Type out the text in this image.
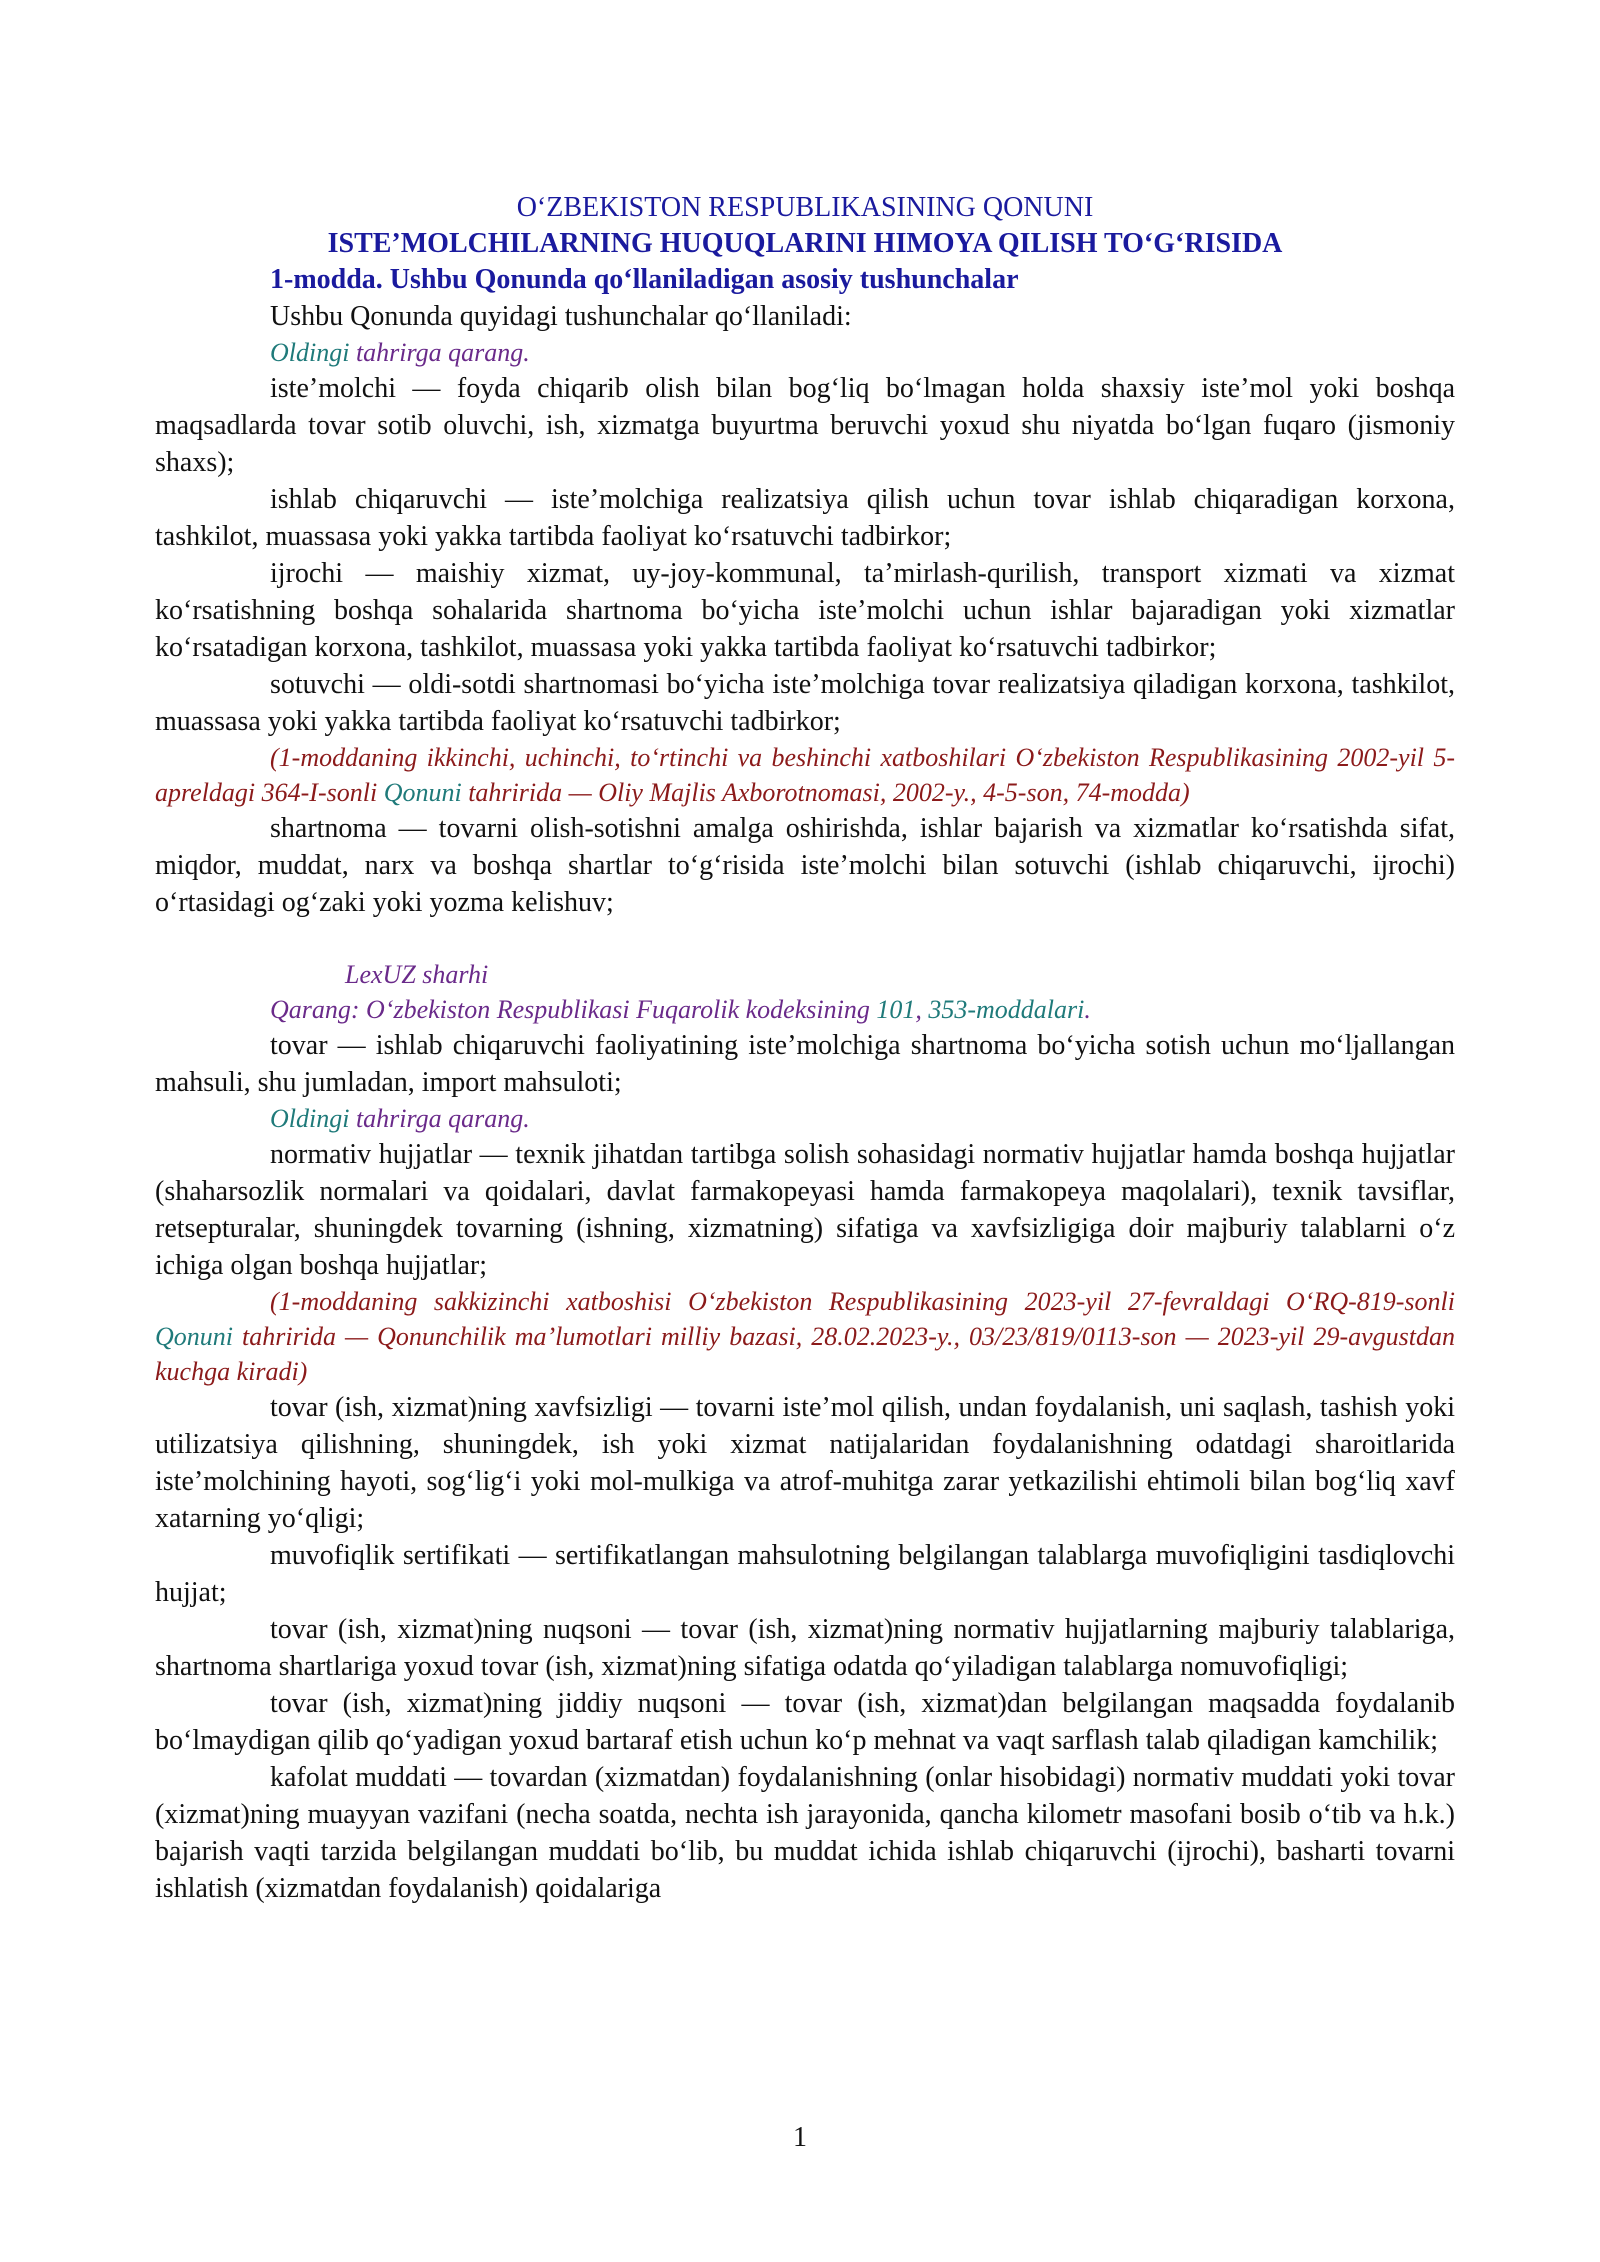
O‘ZBEKISTON RESPUBLIKASINING QONUNI
ISTE’MOLCHILARNING HUQUQLARINI HIMOYA QILISH TO‘G‘RISIDA
1-modda. Ushbu Qonunda qo‘llaniladigan asosiy tushunchalar

Ushbu Qonunda quyidagi tushunchalar qo‘llaniladi:

Oldingi tahrirga qarang.

iste’molchi — foyda chiqarib olish bilan bog‘liq bo‘lmagan holda shaxsiy iste’mol yoki boshqa maqsadlarda tovar sotib oluvchi, ish, xizmatga buyurtma beruvchi yoxud shu niyatda bo‘lgan fuqaro (jismoniy shaxs);

ishlab chiqaruvchi — iste’molchiga realizatsiya qilish uchun tovar ishlab chiqaradigan korxona, tashkilot, muassasa yoki yakka tartibda faoliyat ko‘rsatuvchi tadbirkor;

ijrochi — maishiy xizmat, uy-joy-kommunal, ta’mirlash-qurilish, transport xizmati va xizmat ko‘rsatishning boshqa sohalarida shartnoma bo‘yicha iste’molchi uchun ishlar bajaradigan yoki xizmatlar ko‘rsatadigan korxona, tashkilot, muassasa yoki yakka tartibda faoliyat ko‘rsatuvchi tadbirkor;

sotuvchi — oldi-sotdi shartnomasi bo‘yicha iste’molchiga tovar realizatsiya qiladigan korxona, tashkilot, muassasa yoki yakka tartibda faoliyat ko‘rsatuvchi tadbirkor;

(1-moddaning ikkinchi, uchinchi, to‘rtinchi va beshinchi xatboshilari O‘zbekiston Respublikasining 2002-yil 5-apreldagi 364-I-sonli Qonuni tahririda — Oliy Majlis Axborotnomasi, 2002-y., 4-5-son, 74-modda)

shartnoma — tovarni olish-sotishni amalga oshirishda, ishlar bajarish va xizmatlar ko‘rsatishda sifat, miqdor, muddat, narx va boshqa shartlar to‘g‘risida iste’molchi bilan sotuvchi (ishlab chiqaruvchi, ijrochi) o‘rtasidagi og‘zaki yoki yozma kelishuv;

LexUZ sharhi
Qarang: O‘zbekiston Respublikasi Fuqarolik kodeksining 101, 353-moddalari.

tovar — ishlab chiqaruvchi faoliyatining iste’molchiga shartnoma bo‘yicha sotish uchun mo‘ljallangan mahsuli, shu jumladan, import mahsuloti;

Oldingi tahrirga qarang.

normativ hujjatlar — texnik jihatdan tartibga solish sohasidagi normativ hujjatlar hamda boshqa hujjatlar (shaharsozlik normalari va qoidalari, davlat farmakopeyasi hamda farmakopeya maqolalari), texnik tavsiflar, retsepturalar, shuningdek tovarning (ishning, xizmatning) sifatiga va xavfsizligiga doir majburiy talablarni o‘z ichiga olgan boshqa hujjatlar;

(1-moddaning sakkizinchi xatboshisi O‘zbekiston Respublikasining 2023-yil 27-fevraldagi O‘RQ-819-sonli Qonuni tahririda — Qonunchilik ma’lumotlari milliy bazasi, 28.02.2023-y., 03/23/819/0113-son — 2023-yil 29-avgustdan kuchga kiradi)

tovar (ish, xizmat)ning xavfsizligi — tovarni iste’mol qilish, undan foydalanish, uni saqlash, tashish yoki utilizatsiya qilishning, shuningdek, ish yoki xizmat natijalaridan foydalanishning odatdagi sharoitlarida iste’molchining hayoti, sog‘lig‘i yoki mol-mulkiga va atrof-muhitga zarar yetkazilishi ehtimoli bilan bog‘liq xavf xatarning yo‘qligi;

muvofiqlik sertifikati — sertifikatlangan mahsulotning belgilangan talablarga muvofiqligini tasdiqlovchi hujjat;

tovar (ish, xizmat)ning nuqsoni — tovar (ish, xizmat)ning normativ hujjatlarning majburiy talablariga, shartnoma shartlariga yoxud tovar (ish, xizmat)ning sifatiga odatda qo‘yiladigan talablarga nomuvofiqligi;

tovar (ish, xizmat)ning jiddiy nuqsoni — tovar (ish, xizmat)dan belgilangan maqsadda foydalanib bo‘lmaydigan qilib qo‘yadigan yoxud bartaraf etish uchun ko‘p mehnat va vaqt sarflash talab qiladigan kamchilik;

kafolat muddati — tovardan (xizmatdan) foydalanishning (onlar hisobidagi) normativ muddati yoki tovar (xizmat)ning muayyan vazifani (necha soatda, nechta ish jarayonida, qancha kilometr masofani bosib o‘tib va h.k.) bajarish vaqti tarzida belgilangan muddati bo‘lib, bu muddat ichida ishlab chiqaruvchi (ijrochi), basharti tovarni ishlatish (xizmatdan foydalanish) qoidalariga

1
